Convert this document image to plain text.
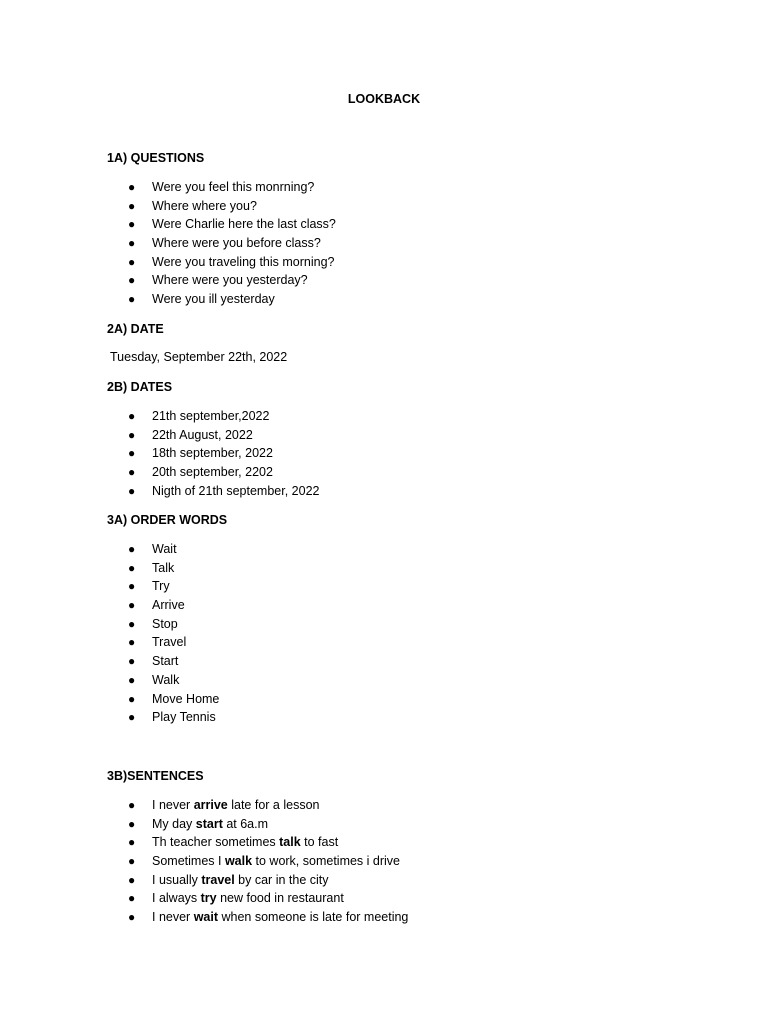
LOOKBACK
1A) QUESTIONS
● Were you feel this monrning?
● Where where you?
● Were Charlie here the last class?
● Where were you before class?
● Were you traveling this morning?
● Where were you yesterday?
● Were you ill yesterday
2A) DATE

Tuesday, September 22th, 2022

2B) DATES
● 21th september,2022
● 22th August, 2022
● 18th september, 2022
● 20th september, 2202
● Nigth of 21th september, 2022
3A) ORDER WORDS
● Wait
● Talk
● Try
● Arrive
● Stop
● Travel
● Start
● Walk
● Move Home
● Play Tennis
3B)SENTENCES
● I never arrive late for a lesson
● My day start at 6a.m
● Th teacher sometimes talk to fast
● Sometimes I walk to work, sometimes i drive
● I usually travel by car in the city
● I always try new food in restaurant
● I never wait when someone is late for meeting
